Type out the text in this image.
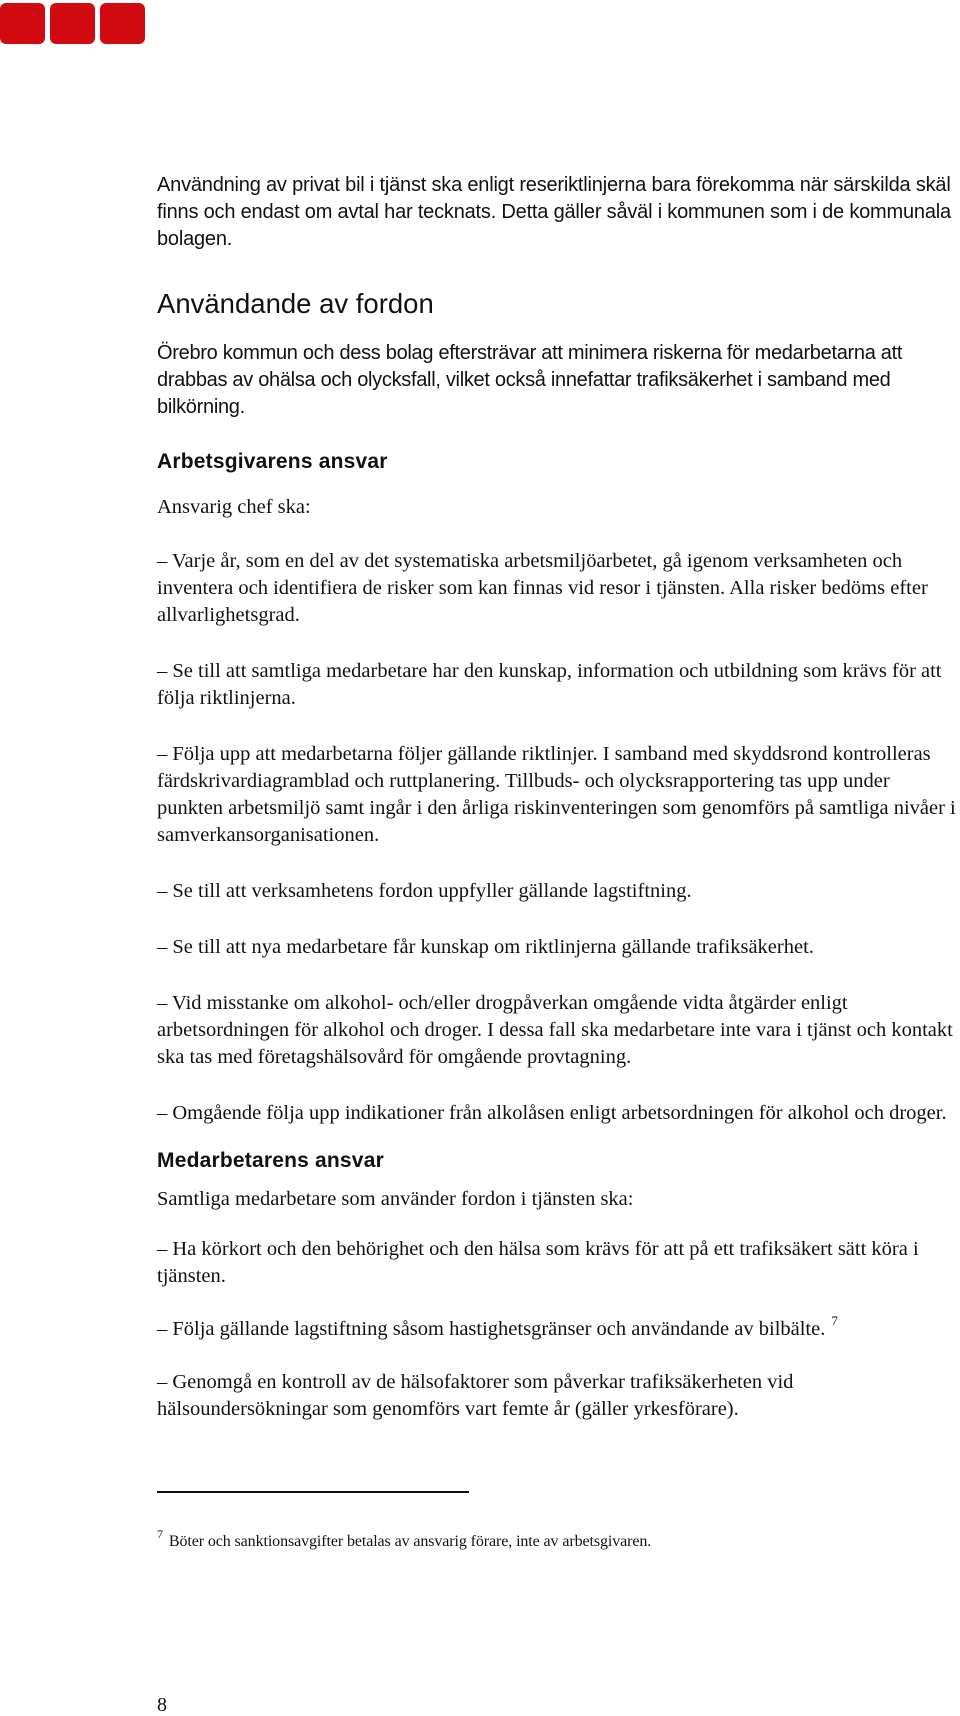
Användning av privat bil i tjänst ska enligt reseriktlinjerna bara förekomma när särskilda skäl finns och endast om avtal har tecknats. Detta gäller såväl i kommunen som i de kommunala bolagen.

Användande av fordon

Örebro kommun och dess bolag eftersträvar att minimera riskerna för medarbetarna att drabbas av ohälsa och olycksfall, vilket också innefattar trafiksäkerhet i samband med bilkörning.

Arbetsgivarens ansvar

Ansvarig chef ska:

– Varje år, som en del av det systematiska arbetsmiljöarbetet, gå igenom verksamheten och inventera och identifiera de risker som kan finnas vid resor i tjänsten. Alla risker bedöms efter allvarlighetsgrad.

– Se till att samtliga medarbetare har den kunskap, information och utbildning som krävs för att följa riktlinjerna.

– Följa upp att medarbetarna följer gällande riktlinjer. I samband med skyddsrond kontrolleras färdskrivardiagramblad och ruttplanering. Tillbuds- och olycksrapportering tas upp under punkten arbetsmiljö samt ingår i den årliga riskinventeringen som genomförs på samtliga nivåer i samverkansorganisationen.

– Se till att verksamhetens fordon uppfyller gällande lagstiftning.

– Se till att nya medarbetare får kunskap om riktlinjerna gällande trafiksäkerhet.

– Vid misstanke om alkohol- och/eller drogpåverkan omgående vidta åtgärder enligt arbetsordningen för alkohol och droger. I dessa fall ska medarbetare inte vara i tjänst och kontakt ska tas med företagshälsovård för omgående provtagning.

– Omgående följa upp indikationer från alkolåsen enligt arbetsordningen för alkohol och droger.

Medarbetarens ansvar

Samtliga medarbetare som använder fordon i tjänsten ska:

– Ha körkort och den behörighet och den hälsa som krävs för att på ett trafiksäkert sätt köra i tjänsten.

– Följa gällande lagstiftning såsom hastighetsgränser och användande av bilbälte. $^7$

– Genomgå en kontroll av de hälsofaktorer som påverkar trafiksäkerheten vid hälsoundersökningar som genomförs vart femte år (gäller yrkesförare).

$^7$ Böter och sanktionsavgifter betalas av ansvarig förare, inte av arbetsgivaren.

8
